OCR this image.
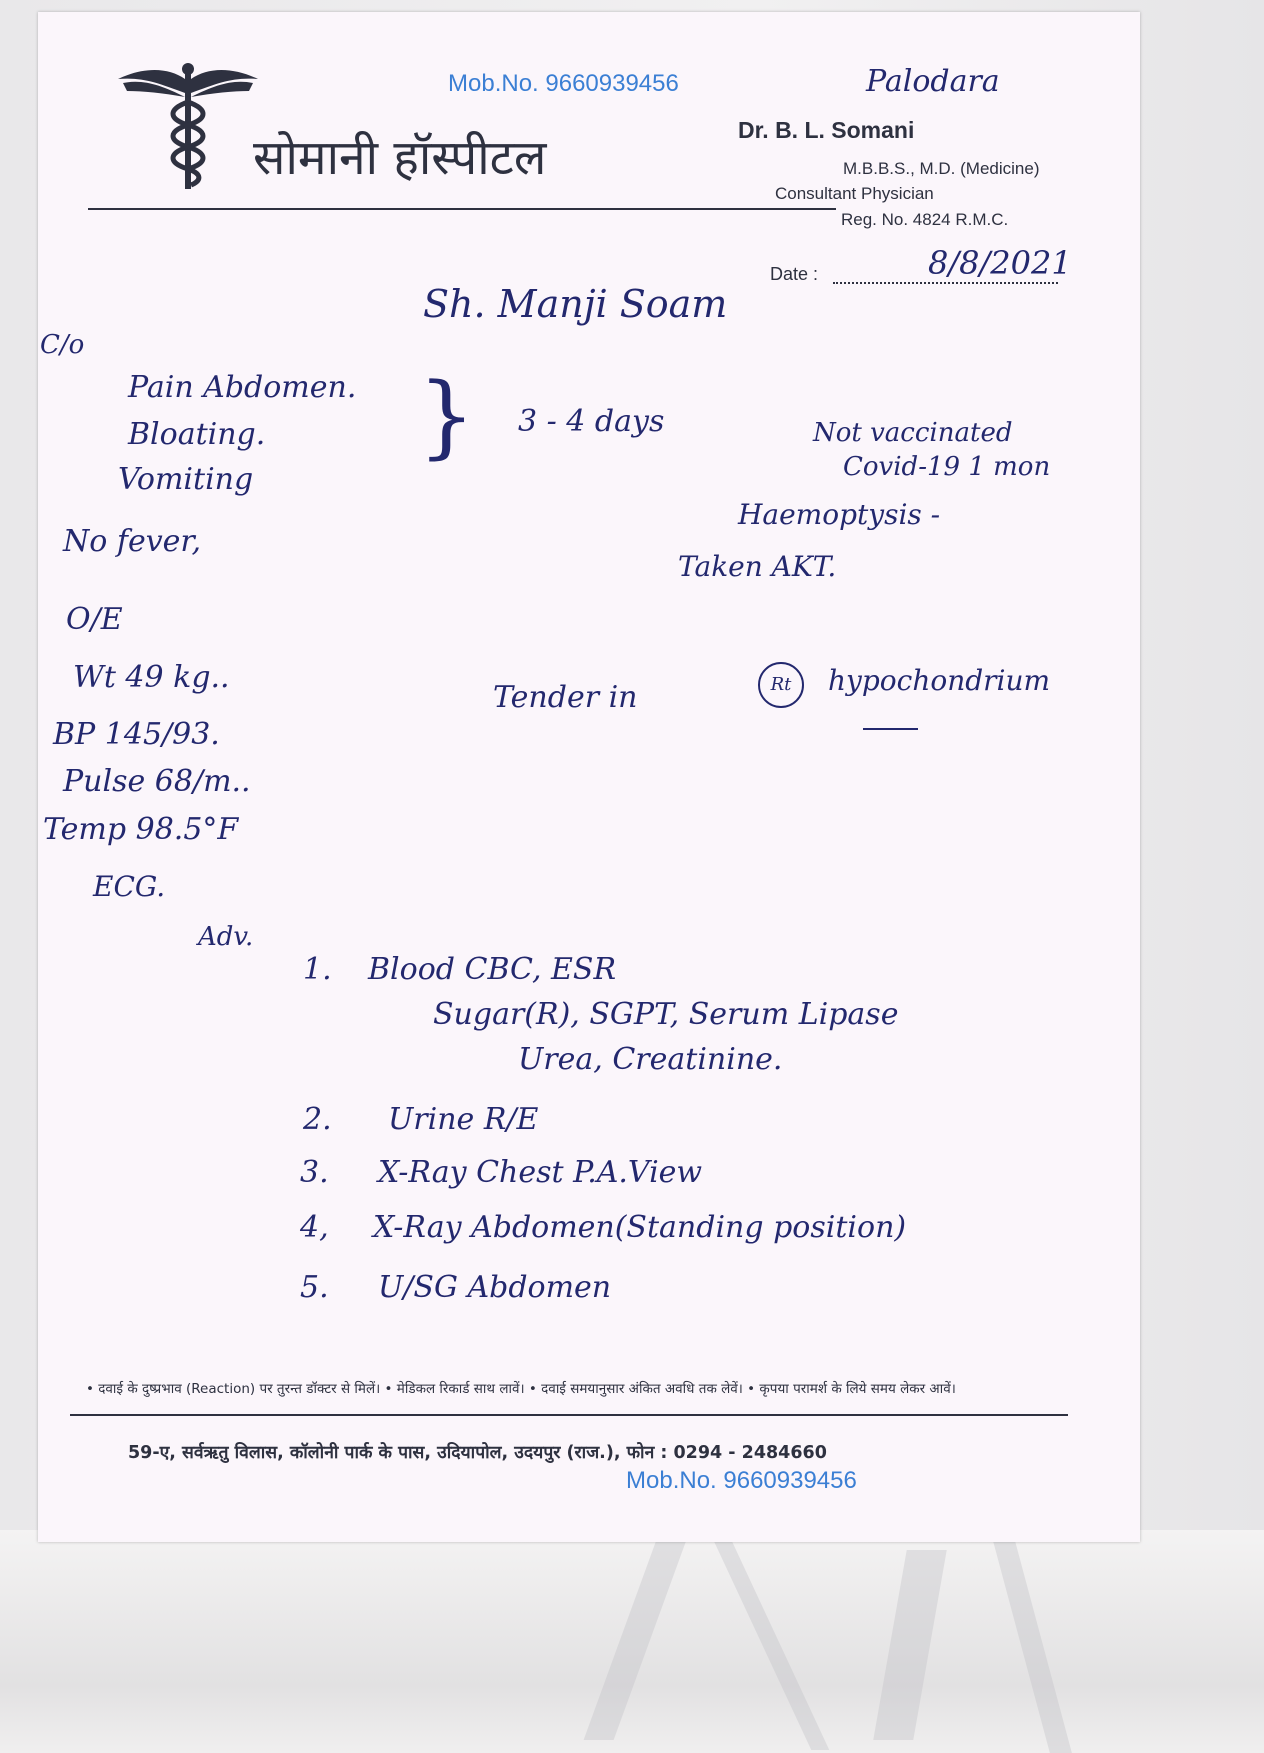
Mob.No. 9660939456
सोमानी हॉस्पीटल
Palodara
Dr. B. L. Somani
M.B.B.S., M.D. (Medicine)
Consultant Physician
Reg. No. 4824 R.M.C.
Date :	8/8/2021
Sh. Manji Soam
C/o
Pain Abdomen.
Bloating.
Vomiting
} 3 - 4 days
No fever,
Not vaccinated
Covid-19 1 mon
Haemoptysis -
Taken AKT.
O/E
Wt 49 kg..
BP 145/93.
Pulse 68/m..
Temp 98.5°F
ECG.
Tender in	Rt	hypochondrium
Adv.
1. Blood CBC, ESR
Sugar(R), SGPT, Serum Lipase
Urea, Creatinine.
2. Urine R/E
3. X-Ray Chest P.A.View
4, X-Ray Abdomen(Standing position)
5. U/SG Abdomen
• दवाई के दुष्प्रभाव (Reaction) पर तुरन्त डॉक्टर से मिलें। • मेडिकल रिकार्ड साथ लावें। • दवाई समयानुसार अंकित अवधि तक लेवें। • कृपया परामर्श के लिये समय लेकर आवें।
59-ए, सर्वऋतु विलास, कॉलोनी पार्क के पास, उदियापोल, उदयपुर (राज.), फोन : 0294 - 2484660
Mob.No. 9660939456
